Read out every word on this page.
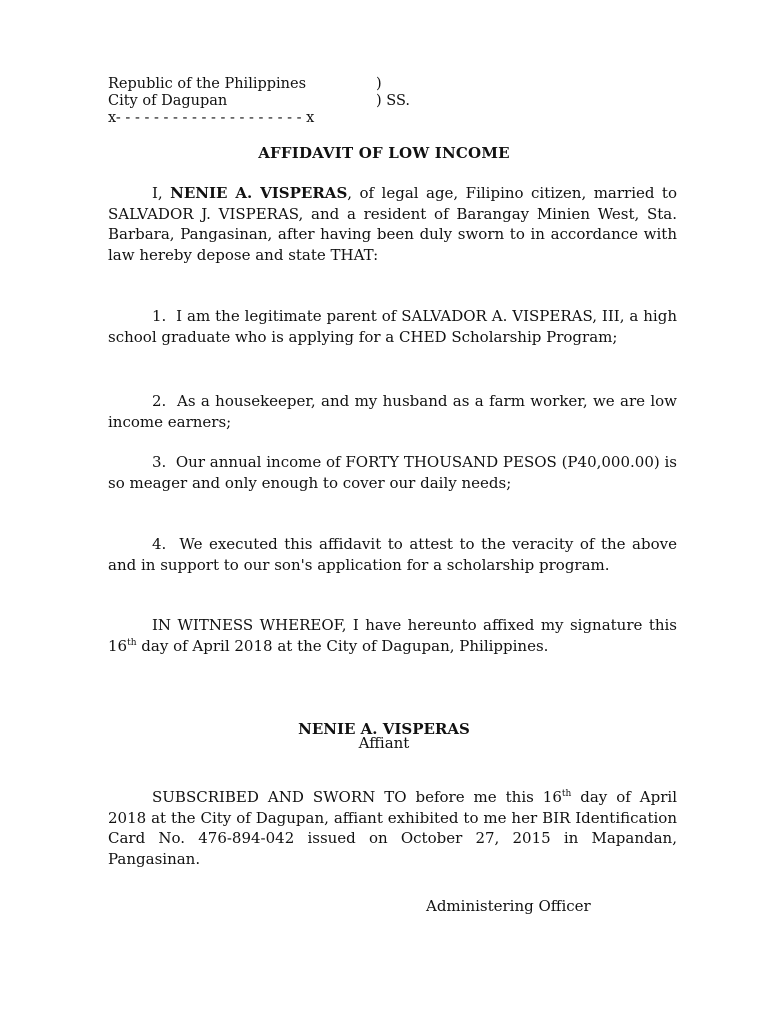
Republic of the Philippines	)
City of Dagupan	) SS.
x- - - - - - - - - - - - - - - - - - - - x
AFFIDAVIT OF LOW INCOME

I, NENIE A. VISPERAS, of legal age, Filipino citizen, married to SALVADOR J. VISPERAS, and a resident of Barangay Minien West, Sta. Barbara, Pangasinan, after having been duly sworn to in accordance with law hereby depose and state THAT:

1.  I am the legitimate parent of SALVADOR A. VISPERAS, III, a high school graduate who is applying for a CHED Scholarship Program;

2.  As a housekeeper, and my husband as a farm worker, we are low income earners;

3.  Our annual income of FORTY THOUSAND PESOS (P40,000.00) is so meager and only enough to cover our daily needs;

4.  We executed this affidavit to attest to the veracity of the above and in support to our son's application for a scholarship program.

IN WITNESS WHEREOF, I have hereunto affixed my signature this 16th day of April 2018 at the City of Dagupan, Philippines.

NENIE A. VISPERAS
Affiant

SUBSCRIBED AND SWORN TO before me this 16th day of April 2018 at the City of Dagupan, affiant exhibited to me her BIR Identification Card No. 476-894-042 issued on October 27, 2015 in Mapandan, Pangasinan.

Administering Officer
